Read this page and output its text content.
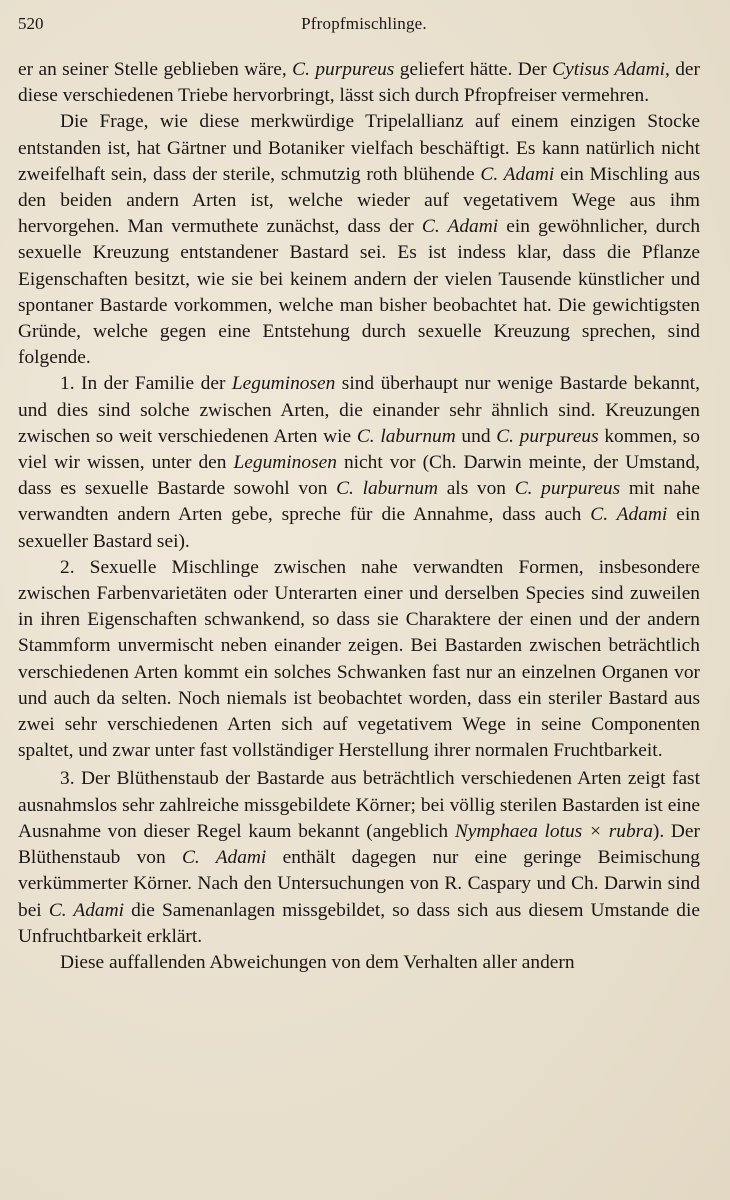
520	Pfropfmischlinge.

er an seiner Stelle geblieben wäre, C. purpureus geliefert hätte. Der Cytisus Adami, der diese verschiedenen Triebe hervorbringt, lässt sich durch Pfropfreiser vermehren.

Die Frage, wie diese merkwürdige Tripelallianz auf einem einzigen Stocke entstanden ist, hat Gärtner und Botaniker vielfach beschäftigt. Es kann natürlich nicht zweifelhaft sein, dass der sterile, schmutzig roth blühende C. Adami ein Mischling aus den beiden andern Arten ist, welche wieder auf vegetativem Wege aus ihm hervorgehen. Man vermuthete zunächst, dass der C. Adami ein gewöhnlicher, durch sexuelle Kreuzung entstandener Bastard sei. Es ist indess klar, dass die Pflanze Eigenschaften besitzt, wie sie bei keinem andern der vielen Tausende künstlicher und spontaner Bastarde vorkommen, welche man bisher beobachtet hat. Die gewichtigsten Gründe, welche gegen eine Entstehung durch sexuelle Kreuzung sprechen, sind folgende.

1. In der Familie der Leguminosen sind überhaupt nur wenige Bastarde bekannt, und dies sind solche zwischen Arten, die einander sehr ähnlich sind. Kreuzungen zwischen so weit verschiedenen Arten wie C. laburnum und C. purpureus kommen, so viel wir wissen, unter den Leguminosen nicht vor (Ch. Darwin meinte, der Umstand, dass es sexuelle Bastarde sowohl von C. laburnum als von C. purpureus mit nahe verwandten andern Arten gebe, spreche für die Annahme, dass auch C. Adami ein sexueller Bastard sei).

2. Sexuelle Mischlinge zwischen nahe verwandten Formen, insbesondere zwischen Farbenvarietäten oder Unterarten einer und derselben Species sind zuweilen in ihren Eigenschaften schwankend, so dass sie Charaktere der einen und der andern Stammform unvermischt neben einander zeigen. Bei Bastarden zwischen beträchtlich verschiedenen Arten kommt ein solches Schwanken fast nur an einzelnen Organen vor und auch da selten. Noch niemals ist beobachtet worden, dass ein steriler Bastard aus zwei sehr verschiedenen Arten sich auf vegetativem Wege in seine Componenten spaltet, und zwar unter fast vollständiger Herstellung ihrer normalen Fruchtbarkeit.

3. Der Blüthenstaub der Bastarde aus beträchtlich verschiedenen Arten zeigt fast ausnahmslos sehr zahlreiche missgebildete Körner; bei völlig sterilen Bastarden ist eine Ausnahme von dieser Regel kaum bekannt (angeblich Nymphaea lotus × rubra). Der Blüthenstaub von C. Adami enthält dagegen nur eine geringe Beimischung verkümmerter Körner. Nach den Untersuchungen von R. Caspary und Ch. Darwin sind bei C. Adami die Samenanlagen missgebildet, so dass sich aus diesem Umstande die Unfruchtbarkeit erklärt.

Diese auffallenden Abweichungen von dem Verhalten aller andern
